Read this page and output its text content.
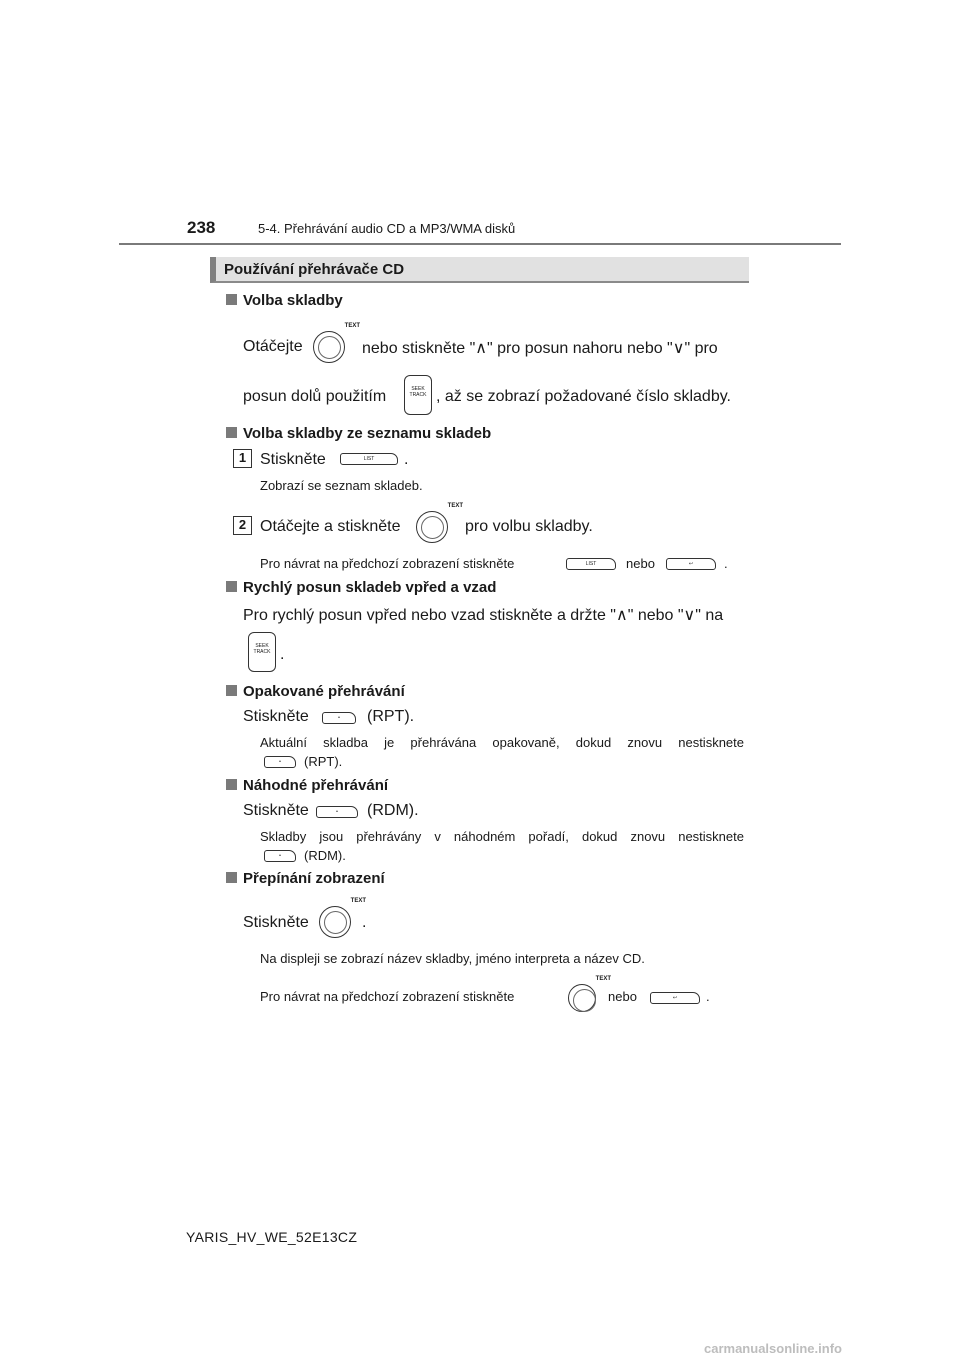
238	5-4. Přehrávání audio CD a MP3/WMA disků
Používání přehrávače CD
Volba skladby
Otáčejte
TEXT
nebo stiskněte "∧" pro posun nahoru nebo "∨" pro
posun dolů použitím	SEEK TRACK , až se zobrazí požadované číslo skladby.
Volba skladby ze seznamu skladeb
1 Stiskněte	LIST	.
Zobrazí se seznam skladeb.
2 Otáčejte a stiskněte
TEXT
pro volbu skladby.
Pro návrat na předchozí zobrazení stiskněte	LIST	nebo	↩	.
Rychlý posun skladeb vpřed a vzad
Pro rychlý posun vpřed nebo vzad stiskněte a držte "∧" nebo "∨" na
SEEK TRACK .
Opakované přehrávání
Stiskněte	•	(RPT).
Aktuální skladba je přehrávána opakovaně, dokud znovu nestisknete
•	(RPT).
Náhodné přehrávání
Stiskněte	•	(RDM).
Skladby jsou přehrávány v náhodném pořadí, dokud znovu nestisknete
•	(RDM).
Přepínání zobrazení
Stiskněte
TEXT
.
Na displeji se zobrazí název skladby, jméno interpreta a název CD.
Pro návrat na předchozí zobrazení stiskněte
TEXT
nebo	↩	.
YARIS_HV_WE_52E13CZ
carmanualsonline.info
